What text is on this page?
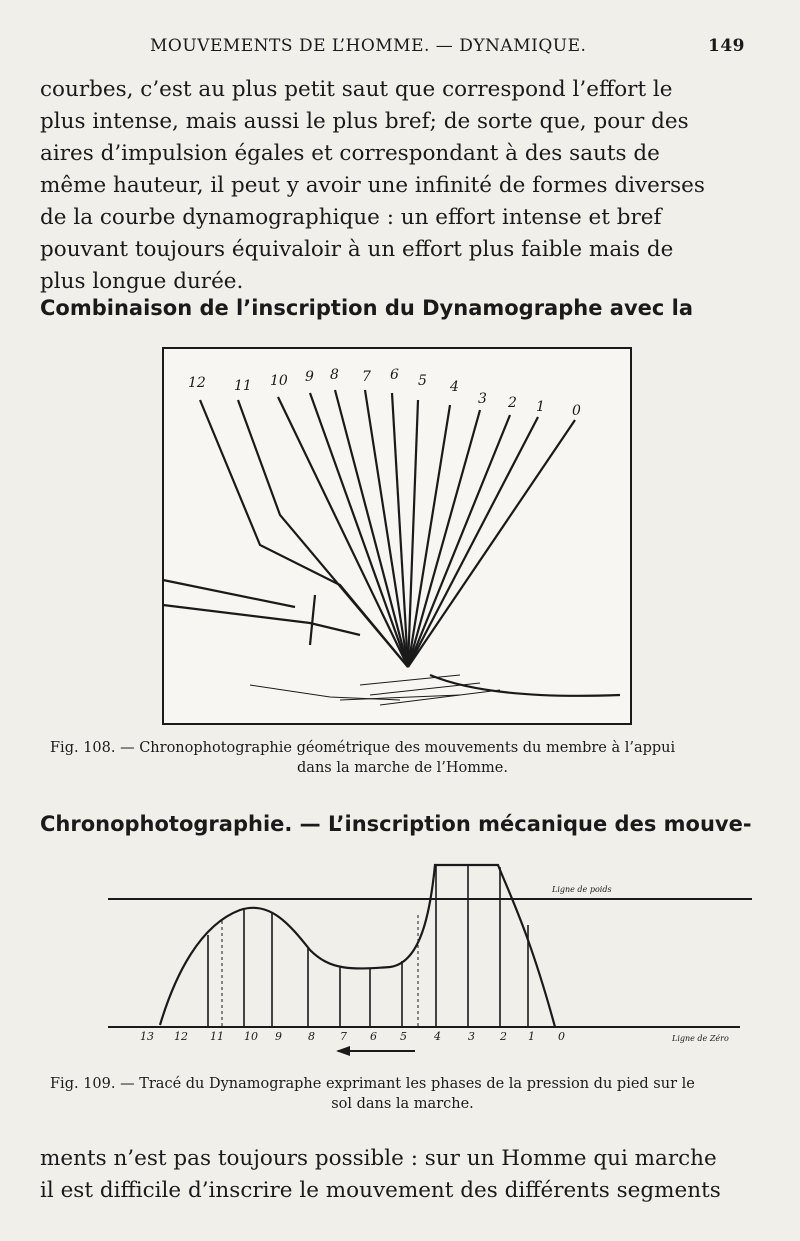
MOUVEMENTS DE L’HOMME. — DYNAMIQUE.	149
courbes, c’est au plus petit saut que correspond l’effort le
plus intense, mais aussi le plus bref; de sorte que, pour des
aires d’impulsion égales et correspondant à des sauts de
même hauteur, il peut y avoir une infinité de formes diverses
de la courbe dynamographique : un effort intense et bref
pouvant toujours équivaloir à un effort plus faible mais de
plus longue durée.
Combinaison de l’inscription du Dynamographe avec la
12 11 10 9 8 7 6 5 4
3 2 1 0
Fig. 108. — Chronophotographie géométrique des mouvements du membre à l’appui
dans la marche de l’Homme.
Chronophotographie. — L’inscription mécanique des mouve-
13 12 11 10 9 8 7 6 5 4 3 2 1 0
Ligne de poids
Ligne de Zéro
Fig. 109. — Tracé du Dynamographe exprimant les phases de la pression du pied sur le
sol dans la marche.
ments n’est pas toujours possible : sur un Homme qui marche
il est difficile d’inscrire le mouvement des différents segments
